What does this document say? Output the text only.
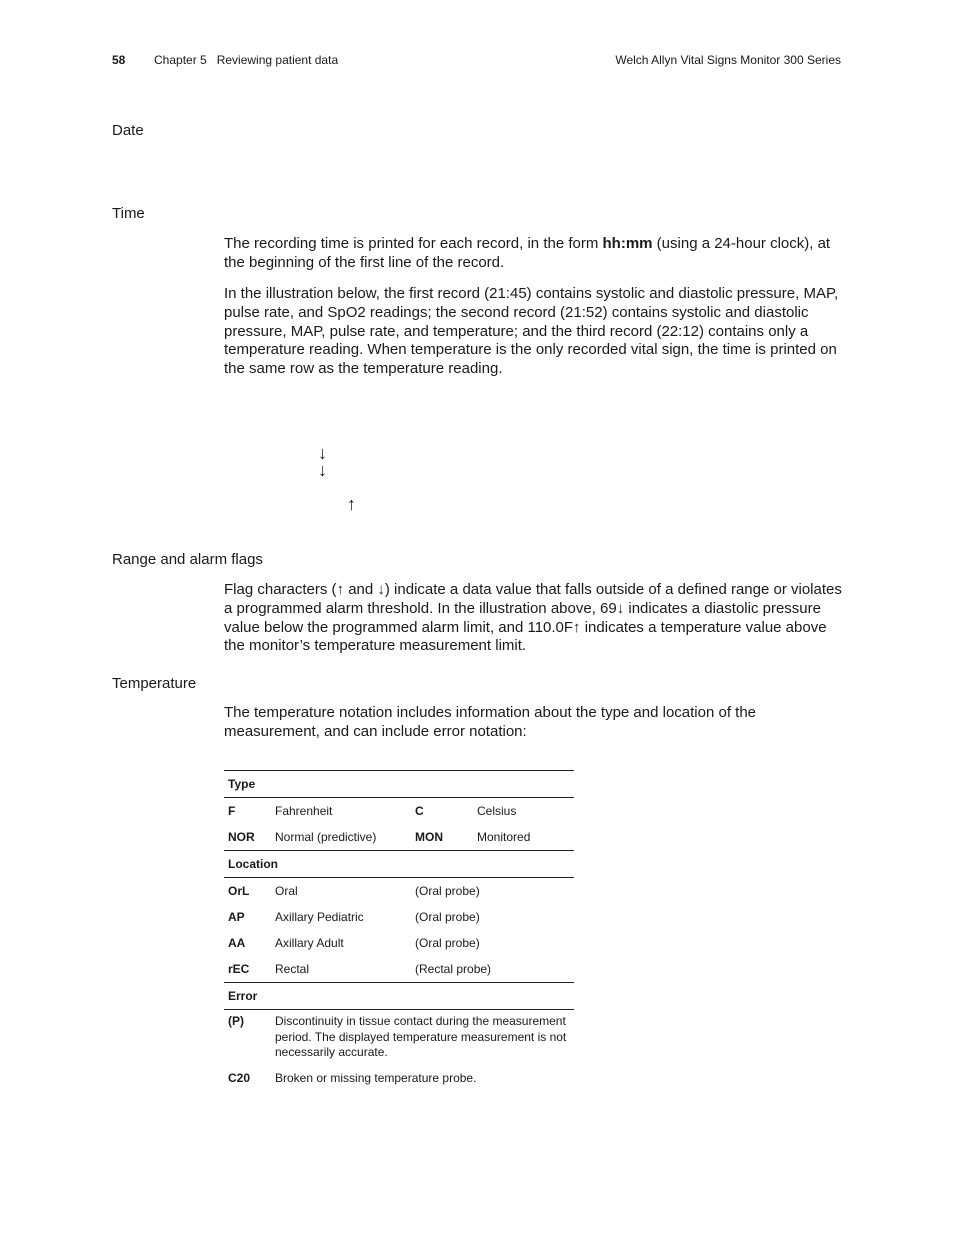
58 Chapter 5   Reviewing patient data	Welch Allyn Vital Signs Monitor 300 Series
Date
Time

The recording time is printed for each record, in the form hh:mm (using a 24-hour clock), at the beginning of the first line of the record.

In the illustration below, the first record (21:45) contains systolic and diastolic pressure, MAP, pulse rate, and SpO2 readings; the second record (21:52) contains systolic and diastolic pressure, MAP, pulse rate, and temperature; and the third record (22:12) contains only a temperature reading. When temperature is the only recorded vital sign, the time is printed on the same row as the temperature reading.

↓
↓
↑
Range and alarm flags

Flag characters (↑ and ↓) indicate a data value that falls outside of a defined range or violates a programmed alarm threshold. In the illustration above, 69↓ indicates a diastolic pressure value below the programmed alarm limit, and 110.0F↑ indicates a temperature value above the monitor’s temperature measurement limit.

Temperature

The temperature notation includes information about the type and location of the measurement, and can include error notation:

Type			
F	Fahrenheit	C	Celsius
NOR	Normal (predictive)	MON	Monitored
Location			
OrL	Oral	(Oral probe)	
AP	Axillary Pediatric	(Oral probe)	
AA	Axillary Adult	(Oral probe)	
rEC	Rectal	(Rectal probe)	
Error			
(P)	Discontinuity in tissue contact during the measurement period. The displayed temperature measurement is not necessarily accurate.		
C20	Broken or missing temperature probe.		
